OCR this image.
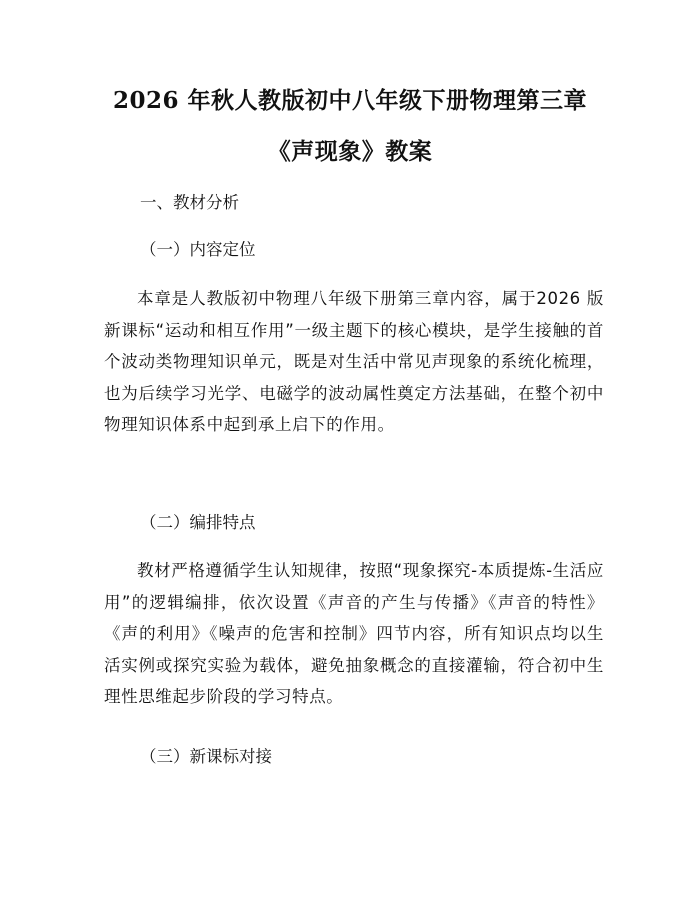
2026 年秋人教版初中八年级下册物理第三章
《声现象》教案
一、教材分析
（一）内容定位

本章是人教版初中物理八年级下册第三章内容，属于2026 版新课标“运动和相互作用”一级主题下的核心模块，是学生接触的首个波动类物理知识单元，既是对生活中常见声现象的系统化梳理，也为后续学习光学、电磁学的波动属性奠定方法基础，在整个初中物理知识体系中起到承上启下的作用。

（二）编排特点

教材严格遵循学生认知规律，按照“现象探究-本质提炼-生活应用”的逻辑编排，依次设置《声音的产生与传播》《声音的特性》《声的利用》《噪声的危害和控制》四节内容，所有知识点均以生活实例或探究实验为载体，避免抽象概念的直接灌输，符合初中生理性思维起步阶段的学习特点。

（三）新课标对接
